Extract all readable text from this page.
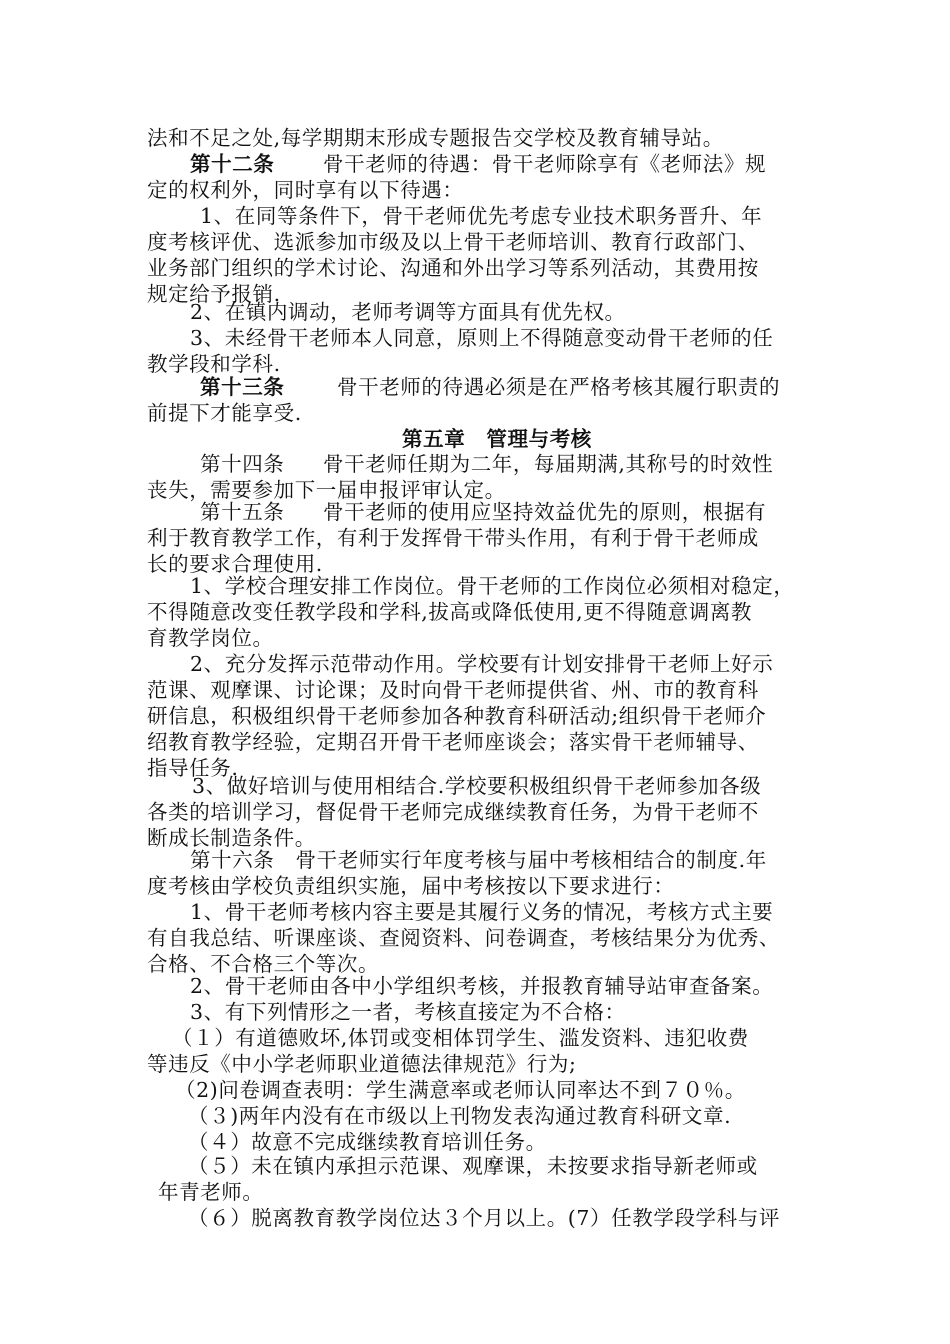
法和不足之处,每学期期末形成专题报告交学校及教育辅导站。
第十二条 骨干老师的待遇：骨干老师除享有《老师法》规
定的权利外，同时享有以下待遇：
1、在同等条件下，骨干老师优先考虑专业技术职务晋升、年
度考核评优、选派参加市级及以上骨干老师培训、教育行政部门、
业务部门组织的学术讨论、沟通和外出学习等系列活动，其费用按
规定给予报销.
2、在镇内调动，老师考调等方面具有优先权。
3、未经骨干老师本人同意，原则上不得随意变动骨干老师的任
教学段和学科.
第十三条	骨干老师的待遇必须是在严格考核其履行职责的
前提下才能享受.
第五章　管理与考核
第十四条 骨干老师任期为二年，每届期满,其称号的时效性
丧失，需要参加下一届申报评审认定。
第十五条 骨干老师的使用应坚持效益优先的原则，根据有
利于教育教学工作，有利于发挥骨干带头作用，有利于骨干老师成
长的要求合理使用.
1、学校合理安排工作岗位。骨干老师的工作岗位必须相对稳定，
不得随意改变任教学段和学科,拔高或降低使用,更不得随意调离教
育教学岗位。
2、充分发挥示范带动作用。学校要有计划安排骨干老师上好示
范课、观摩课、讨论课；及时向骨干老师提供省、州、市的教育科
研信息，积极组织骨干老师参加各种教育科研活动;组织骨干老师介
绍教育教学经验，定期召开骨干老师座谈会；落实骨干老师辅导、
指导任务.
3、做好培训与使用相结合.学校要积极组织骨干老师参加各级
各类的培训学习，督促骨干老师完成继续教育任务，为骨干老师不
断成长制造条件。
第十六条　骨干老师实行年度考核与届中考核相结合的制度.年
度考核由学校负责组织实施，届中考核按以下要求进行：
1、骨干老师考核内容主要是其履行义务的情况，考核方式主要
有自我总结、听课座谈、查阅资料、问卷调查，考核结果分为优秀、
合格、不合格三个等次。
2、骨干老师由各中小学组织考核，并报教育辅导站审查备案。
3、有下列情形之一者，考核直接定为不合格：
（１）有道德败坏,体罚或变相体罚学生、滥发资料、违犯收费
等违反《中小学老师职业道德法律规范》行为;
（2)问卷调查表明：学生满意率或老师认同率达不到７０％。
（３)两年内没有在市级以上刊物发表沟通过教育科研文章.
（４）故意不完成继续教育培训任务。
（５）未在镇内承担示范课、观摩课，未按要求指导新老师或
年青老师。
（６）脱离教育教学岗位达３个月以上。(7）任教学段学科与评
